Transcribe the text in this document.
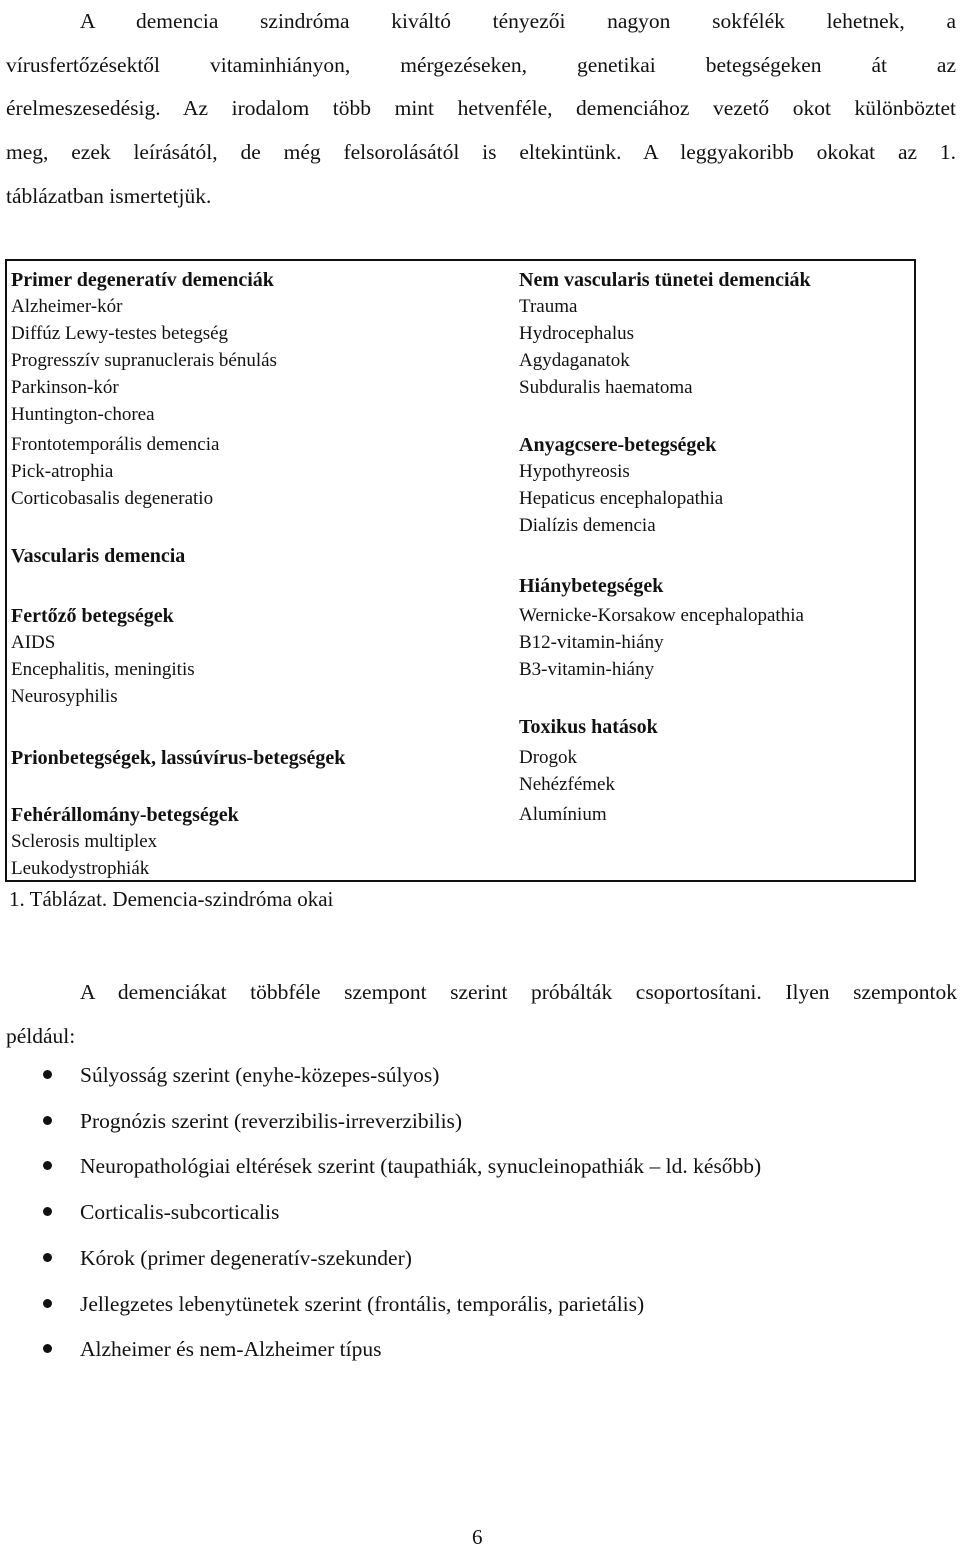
A demencia szindróma kiváltó tényezői nagyon sokfélék lehetnek, a
vírusfertőzésektől vitaminhiányon, mérgezéseken, genetikai betegségeken át az
érelmeszesedésig. Az irodalom több mint hetvenféle, demenciához vezető okot különböztet
meg, ezek leírásától, de még felsorolásától is eltekintünk. A leggyakoribb okokat az 1.
táblázatban ismertetjük.
Primer degeneratív demenciák
Alzheimer-kór
Diffúz Lewy-testes betegség
Progresszív supranuclerais bénulás
Parkinson-kór
Huntington-chorea
Frontotemporális demencia
Pick-atrophia
Corticobasalis degeneratio
Vascularis demencia
Fertőző betegségek
AIDS
Encephalitis, meningitis
Neurosyphilis
Prionbetegségek, lassúvírus-betegségek
Fehérállomány-betegségek
Sclerosis multiplex
Leukodystrophiák
Nem vascularis tünetei demenciák
Trauma
Hydrocephalus
Agydaganatok
Subduralis haematoma
Anyagcsere-betegségek
Hypothyreosis
Hepaticus encephalopathia
Dialízis demencia
Hiánybetegségek
Wernicke-Korsakow encephalopathia
B12-vitamin-hiány
B3-vitamin-hiány
Toxikus hatások
Drogok
Nehézfémek
Alumínium
1. Táblázat. Demencia-szindróma okai
A demenciákat többféle szempont szerint próbálták csoportosítani. Ilyen szempontok
például:
Súlyosság szerint (enyhe-közepes-súlyos)
Prognózis szerint (reverzibilis-irreverzibilis)
Neuropathológiai eltérések szerint (taupathiák, synucleinopathiák – ld. később)
Corticalis-subcorticalis
Kórok (primer degeneratív-szekunder)
Jellegzetes lebenytünetek szerint (frontális, temporális, parietális)
Alzheimer és nem-Alzheimer típus
6
